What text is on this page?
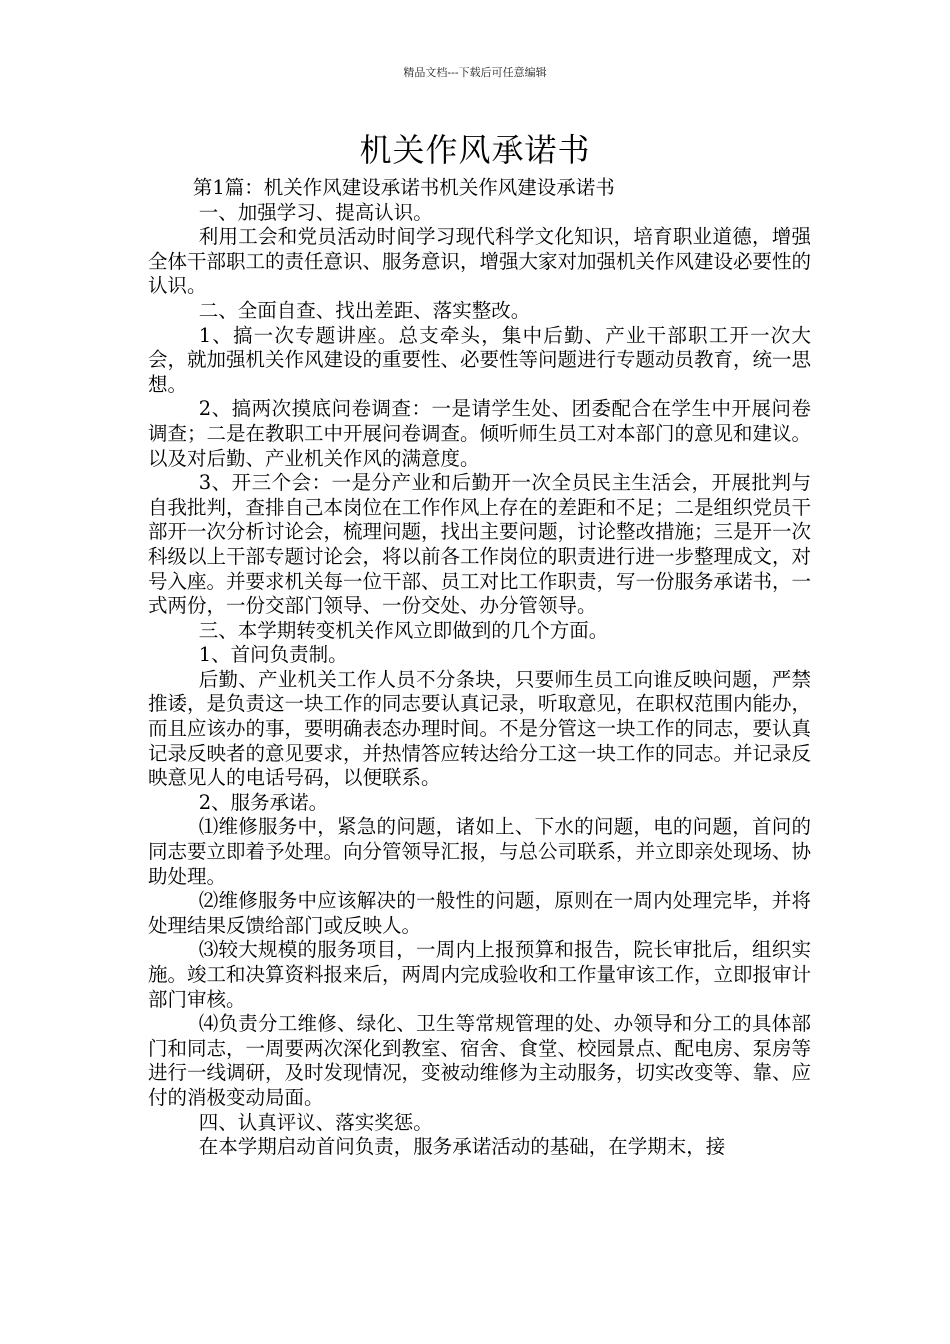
精品文档---下载后可任意编辑
机关作风承诺书

第1篇：机关作风建设承诺书机关作风建设承诺书

一、加强学习、提高认识。

利用工会和党员活动时间学习现代科学文化知识，培育职业道德，增强全体干部职工的责任意识、服务意识，增强大家对加强机关作风建设必要性的认识。

二、全面自查、找出差距、落实整改。

1、搞一次专题讲座。总支牵头，集中后勤、产业干部职工开一次大会，就加强机关作风建设的重要性、必要性等问题进行专题动员教育，统一思想。

2、搞两次摸底问卷调查：一是请学生处、团委配合在学生中开展问卷调查；二是在教职工中开展问卷调查。倾听师生员工对本部门的意见和建议。以及对后勤、产业机关作风的满意度。

3、开三个会：一是分产业和后勤开一次全员民主生活会，开展批判与自我批判，查排自己本岗位在工作作风上存在的差距和不足；二是组织党员干部开一次分析讨论会，梳理问题，找出主要问题，讨论整改措施；三是开一次科级以上干部专题讨论会，将以前各工作岗位的职责进行进一步整理成文，对号入座。并要求机关每一位干部、员工对比工作职责，写一份服务承诺书，一式两份，一份交部门领导、一份交处、办分管领导。

三、本学期转变机关作风立即做到的几个方面。

1、首问负责制。

后勤、产业机关工作人员不分条块，只要师生员工向谁反映问题，严禁推诿，是负责这一块工作的同志要认真记录，听取意见，在职权范围内能办，而且应该办的事，要明确表态办理时间。不是分管这一块工作的同志，要认真记录反映者的意见要求，并热情答应转达给分工这一块工作的同志。并记录反映意见人的电话号码，以便联系。

2、服务承诺。

⑴维修服务中，紧急的问题，诸如上、下水的问题，电的问题，首问的同志要立即着予处理。向分管领导汇报，与总公司联系，并立即亲处现场、协助处理。

⑵维修服务中应该解决的一般性的问题，原则在一周内处理完毕，并将处理结果反馈给部门或反映人。

⑶较大规模的服务项目，一周内上报预算和报告，院长审批后，组织实施。竣工和决算资料报来后，两周内完成验收和工作量审该工作，立即报审计部门审核。

⑷负责分工维修、绿化、卫生等常规管理的处、办领导和分工的具体部门和同志，一周要两次深化到教室、宿舍、食堂、校园景点、配电房、泵房等进行一线调研，及时发现情况，变被动维修为主动服务，切实改变等、靠、应付的消极变动局面。

四、认真评议、落实奖惩。

在本学期启动首问负责，服务承诺活动的基础，在学期末，接
